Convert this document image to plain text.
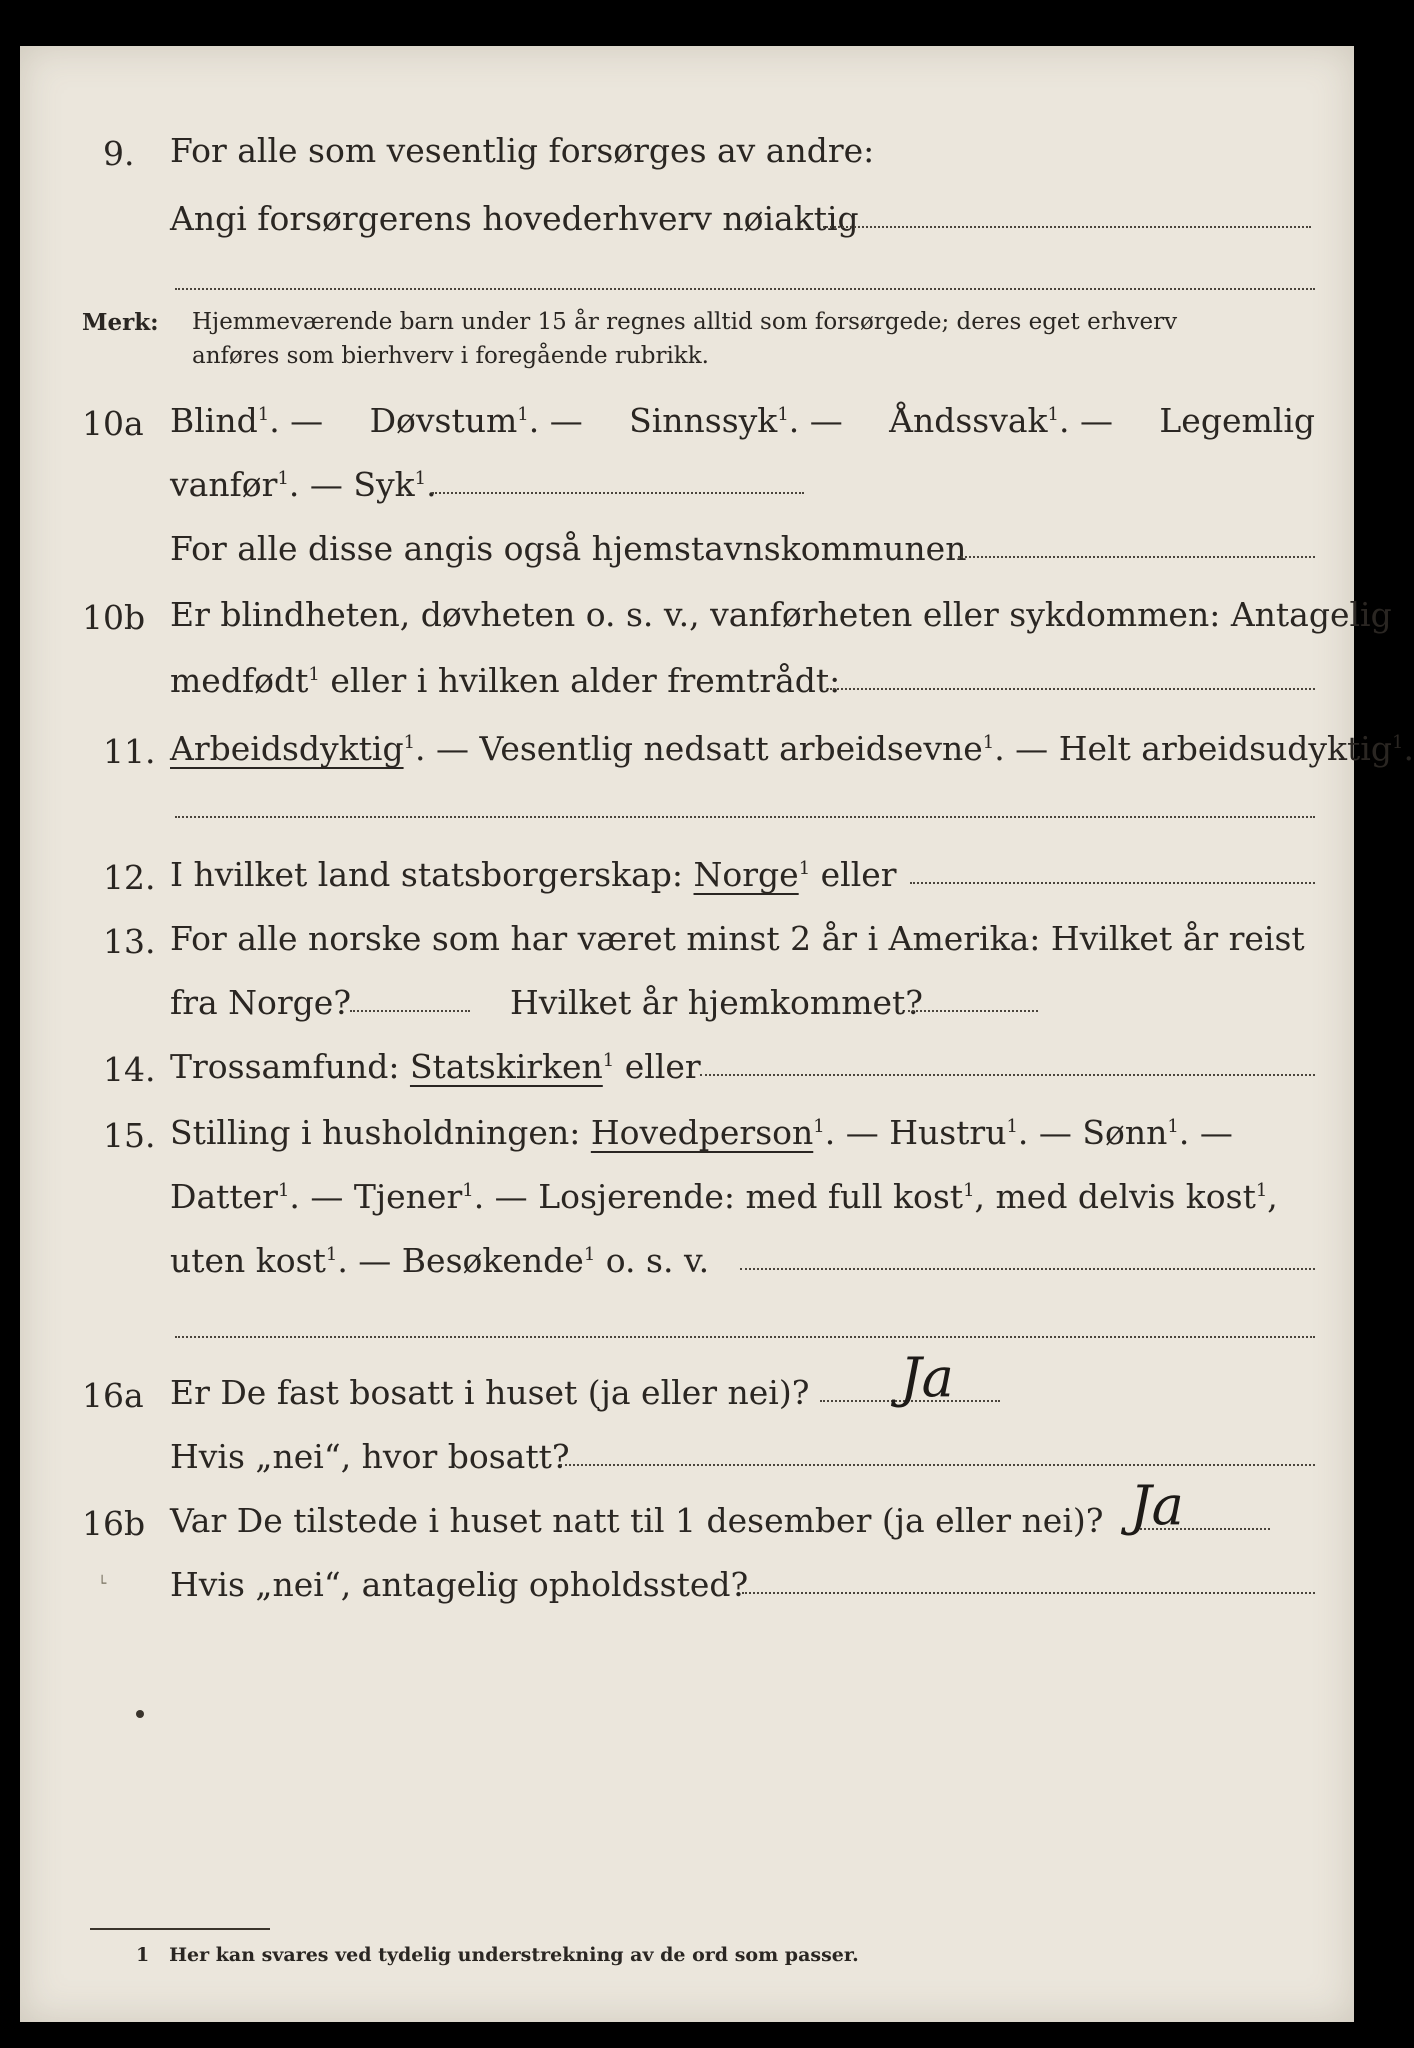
9. For alle som vesentlig forsørges av andre:
Angi forsørgerens hovederhverv nøiaktig
Merk: Hjemmeværende barn under 15 år regnes alltid som forsørgede; deres eget erhverv
anføres som bierhverv i foregående rubrikk.
10a Blind$^1$. — Døvstum$^1$. — Sinnssyk$^1$. — Åndssvak$^1$. — Legemlig
vanfør$^1$. — Syk$^1$.
For alle disse angis også hjemstavnskommunen
10b Er blindheten, døvheten o. s. v., vanførheten eller sykdommen: Antagelig
medfødt$^1$ eller i hvilken alder fremtrådt:
11. Arbeidsdyktig$^1$. — Vesentlig nedsatt arbeidsevne$^1$. — Helt arbeidsudyktig$^1$.
12. I hvilket land statsborgerskap: Norge$^1$ eller
13. For alle norske som har været minst 2 år i Amerika: Hvilket år reist
fra Norge?	Hvilket år hjemkommet?
14. Trossamfund: Statskirken$^1$ eller
15. Stilling i husholdningen: Hovedperson$^1$. — Hustru$^1$. — Sønn$^1$. —
Datter$^1$. — Tjener$^1$. — Losjerende: med full kost$^1$, med delvis kost$^1$,
uten kost$^1$. — Besøkende$^1$ o. s. v.
16a Er De fast bosatt i huset (ja eller nei)? Ja
Hvis „nei“, hvor bosatt?
16b Var De tilstede i huset natt til 1 desember (ja eller nei)? Ja
Hvis „nei“, antagelig opholdssted?
└
1 Her kan svares ved tydelig understrekning av de ord som passer.
